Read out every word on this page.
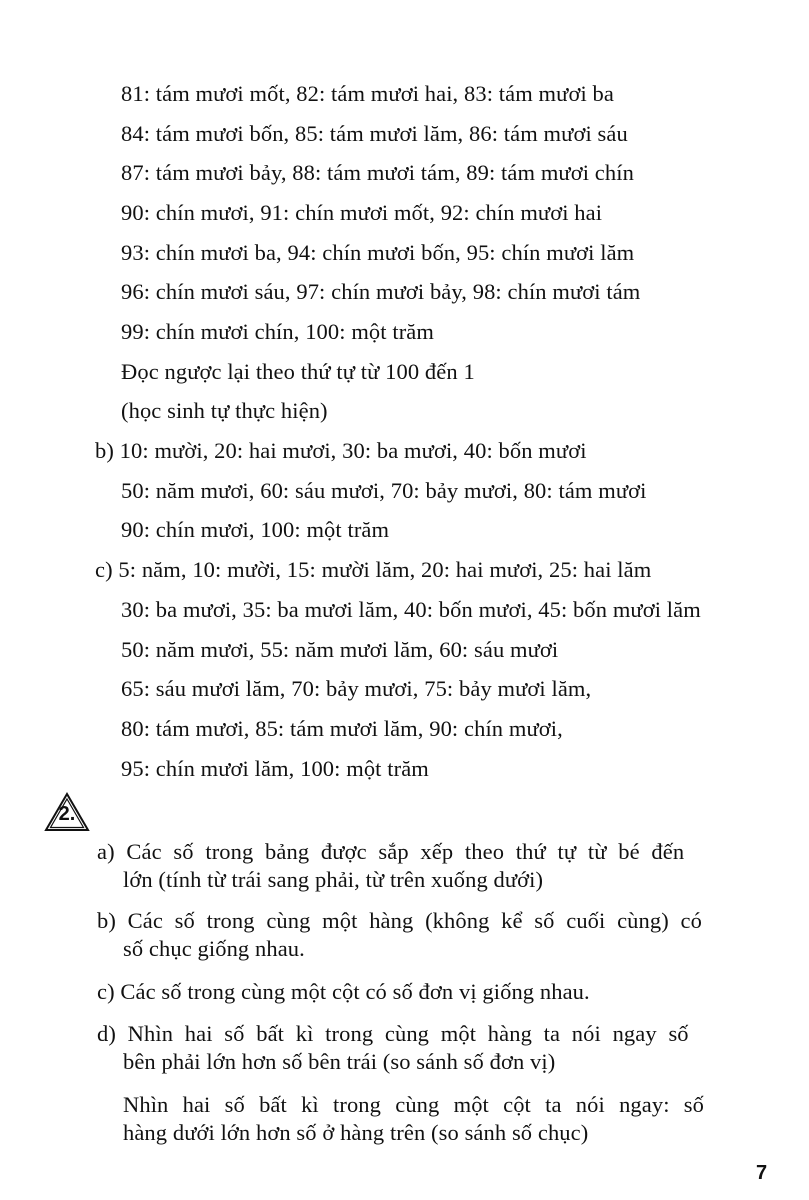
81: tám mươi mốt, 82: tám mươi hai, 83: tám mươi ba
84: tám mươi bốn, 85: tám mươi lăm, 86: tám mươi sáu
87: tám mươi bảy, 88: tám mươi tám, 89: tám mươi chín
90: chín mươi, 91: chín mươi mốt, 92: chín mươi hai
93: chín mươi ba, 94: chín mươi bốn, 95: chín mươi lăm
96: chín mươi sáu, 97: chín mươi bảy, 98: chín mươi tám
99: chín mươi chín, 100: một trăm
Đọc ngược lại theo thứ tự từ 100 đến 1
(học sinh tự thực hiện)
b) 10: mười, 20: hai mươi, 30: ba mươi, 40: bốn mươi
50: năm mươi, 60: sáu mươi, 70: bảy mươi, 80: tám mươi
90: chín mươi, 100: một trăm
c) 5: năm, 10: mười, 15: mười lăm, 20: hai mươi, 25: hai lăm
30: ba mươi, 35: ba mươi lăm, 40: bốn mươi, 45: bốn mươi lăm
50: năm mươi, 55: năm mươi lăm, 60: sáu mươi
65: sáu mươi lăm, 70: bảy mươi, 75: bảy mươi lăm,
80: tám mươi, 85: tám mươi lăm, 90: chín mươi,
95: chín mươi lăm, 100: một trăm
2.
a) Các số trong bảng được sắp xếp theo thứ tự từ bé đến
lớn (tính từ trái sang phải, từ trên xuống dưới)
b) Các số trong cùng một hàng (không kể số cuối cùng) có
số chục giống nhau.
c) Các số trong cùng một cột có số đơn vị giống nhau.
d) Nhìn hai số bất kì trong cùng một hàng ta nói ngay số
bên phải lớn hơn số bên trái (so sánh số đơn vị)
Nhìn hai số bất kì trong cùng một cột ta nói ngay: số
hàng dưới lớn hơn số ở hàng trên (so sánh số chục)
7
